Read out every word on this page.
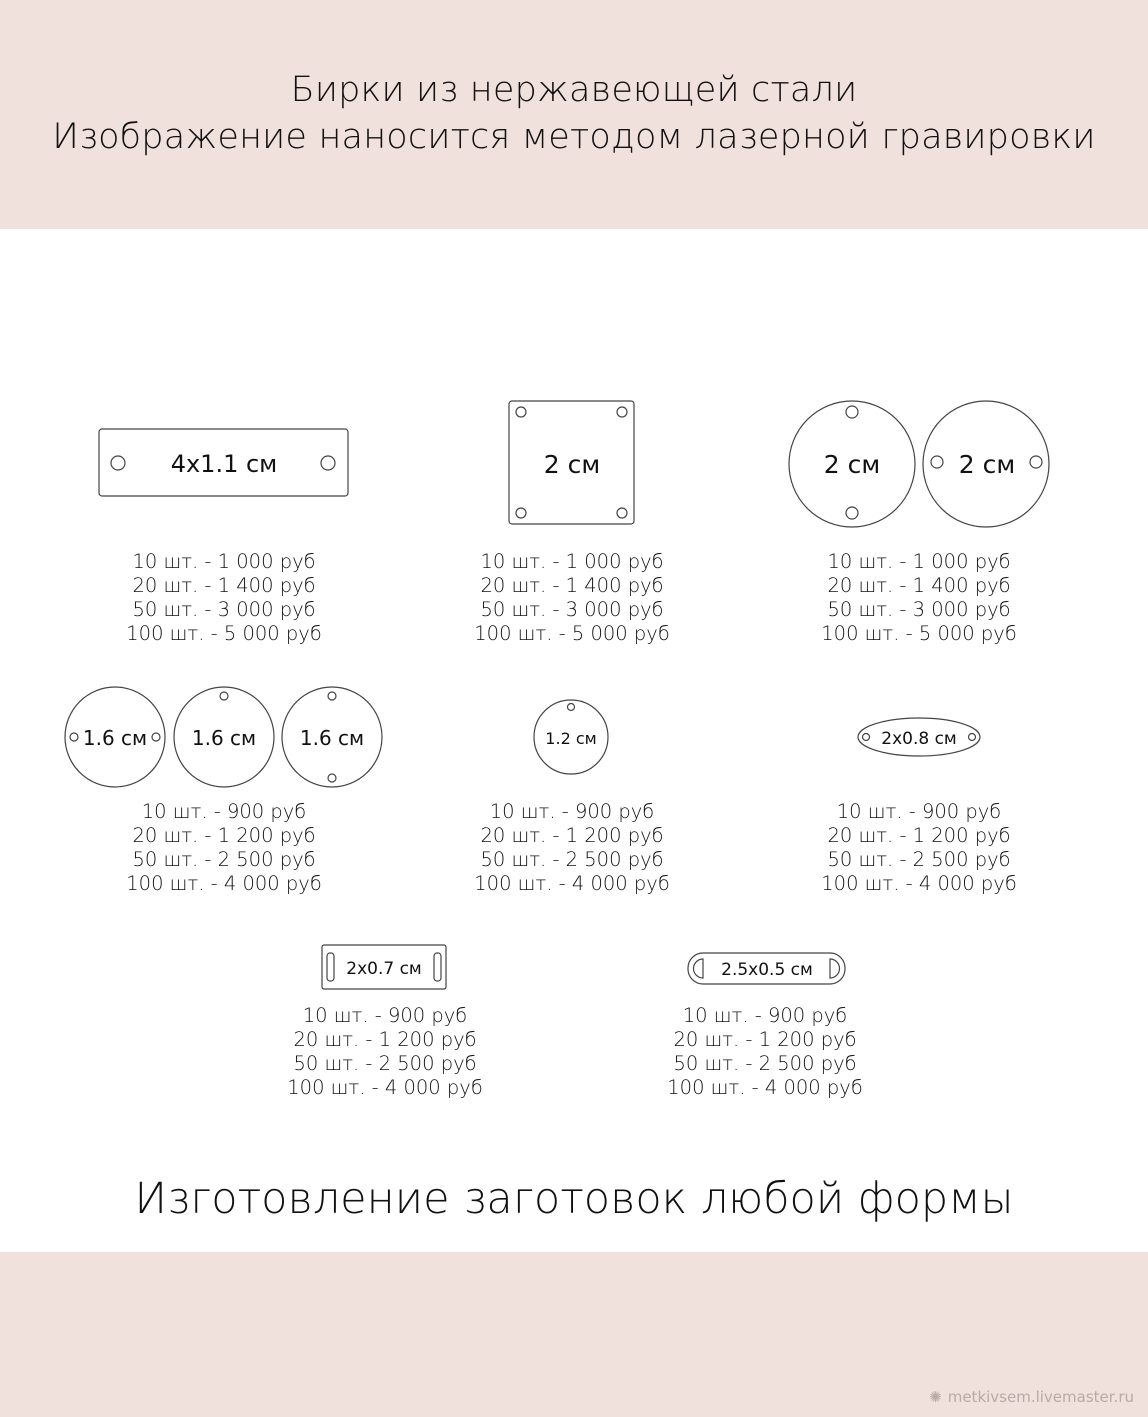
Бирки из нержавеющей стали
Изображение наносится методом лазерной гравировки
4x1.1 см
10 шт. - 1 000 руб
20 шт. - 1 400 руб
50 шт. - 3 000 руб
100 шт. - 5 000 руб
2 см
10 шт. - 1 000 руб
20 шт. - 1 400 руб
50 шт. - 3 000 руб
100 шт. - 5 000 руб
2 см	2 см
10 шт. - 1 000 руб
20 шт. - 1 400 руб
50 шт. - 3 000 руб
100 шт. - 5 000 руб
1.6 см 1.6 см 1.6 см
10 шт. - 900 руб
20 шт. - 1 200 руб
50 шт. - 2 500 руб
100 шт. - 4 000 руб
1.2 см
10 шт. - 900 руб
20 шт. - 1 200 руб
50 шт. - 2 500 руб
100 шт. - 4 000 руб
2x0.8 см
10 шт. - 900 руб
20 шт. - 1 200 руб
50 шт. - 2 500 руб
100 шт. - 4 000 руб
2x0.7 см
10 шт. - 900 руб
20 шт. - 1 200 руб
50 шт. - 2 500 руб
100 шт. - 4 000 руб
2.5x0.5 см
10 шт. - 900 руб
20 шт. - 1 200 руб
50 шт. - 2 500 руб
100 шт. - 4 000 руб
Изготовление заготовок любой формы
✺ metkivsem.livemaster.ru
